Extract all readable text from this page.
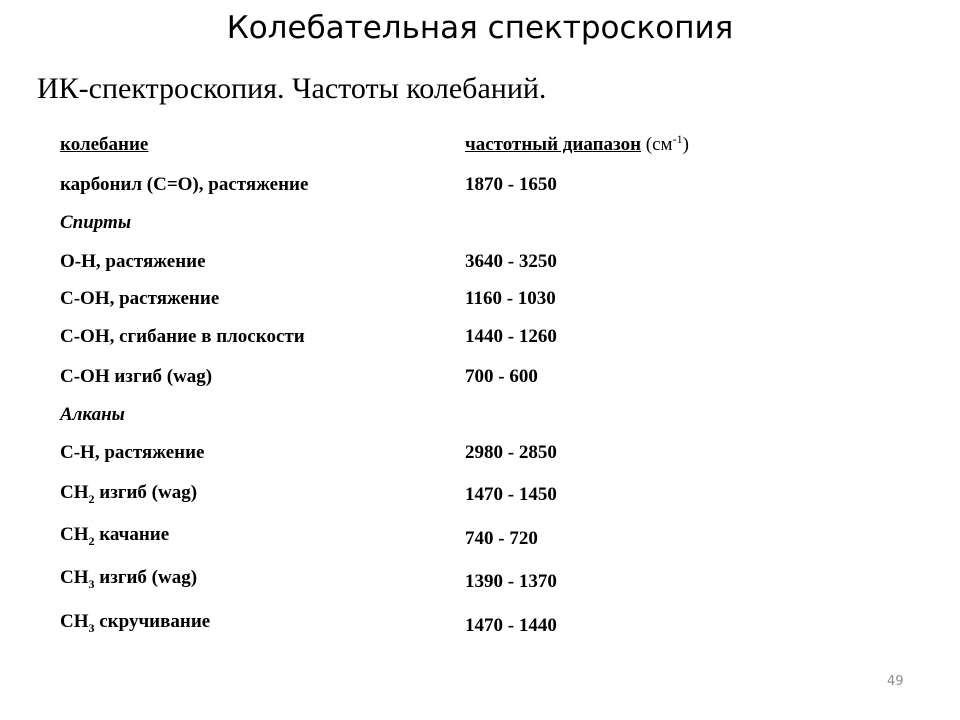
Колебательная спектроскопия
ИК-спектроскопия. Частоты колебаний.
колебание	частотный диапазон $(см^{-1})$
карбонил (C=O), растяжение	1870 - 1650
Спирты
O-H, растяжение	3640 - 3250
C-OH, растяжение	1160 - 1030
C-OH, сгибание в плоскости	1440 - 1260
C-OH изгиб (wag)	700 - 600
Алканы
C-H, растяжение	2980 - 2850
$CH_2$ изгиб (wag)	1470 - 1450
$CH_2$ качание	740 - 720
$CH_3$ изгиб (wag)	1390 - 1370
$CH_3$ скручивание	1470 - 1440
49
